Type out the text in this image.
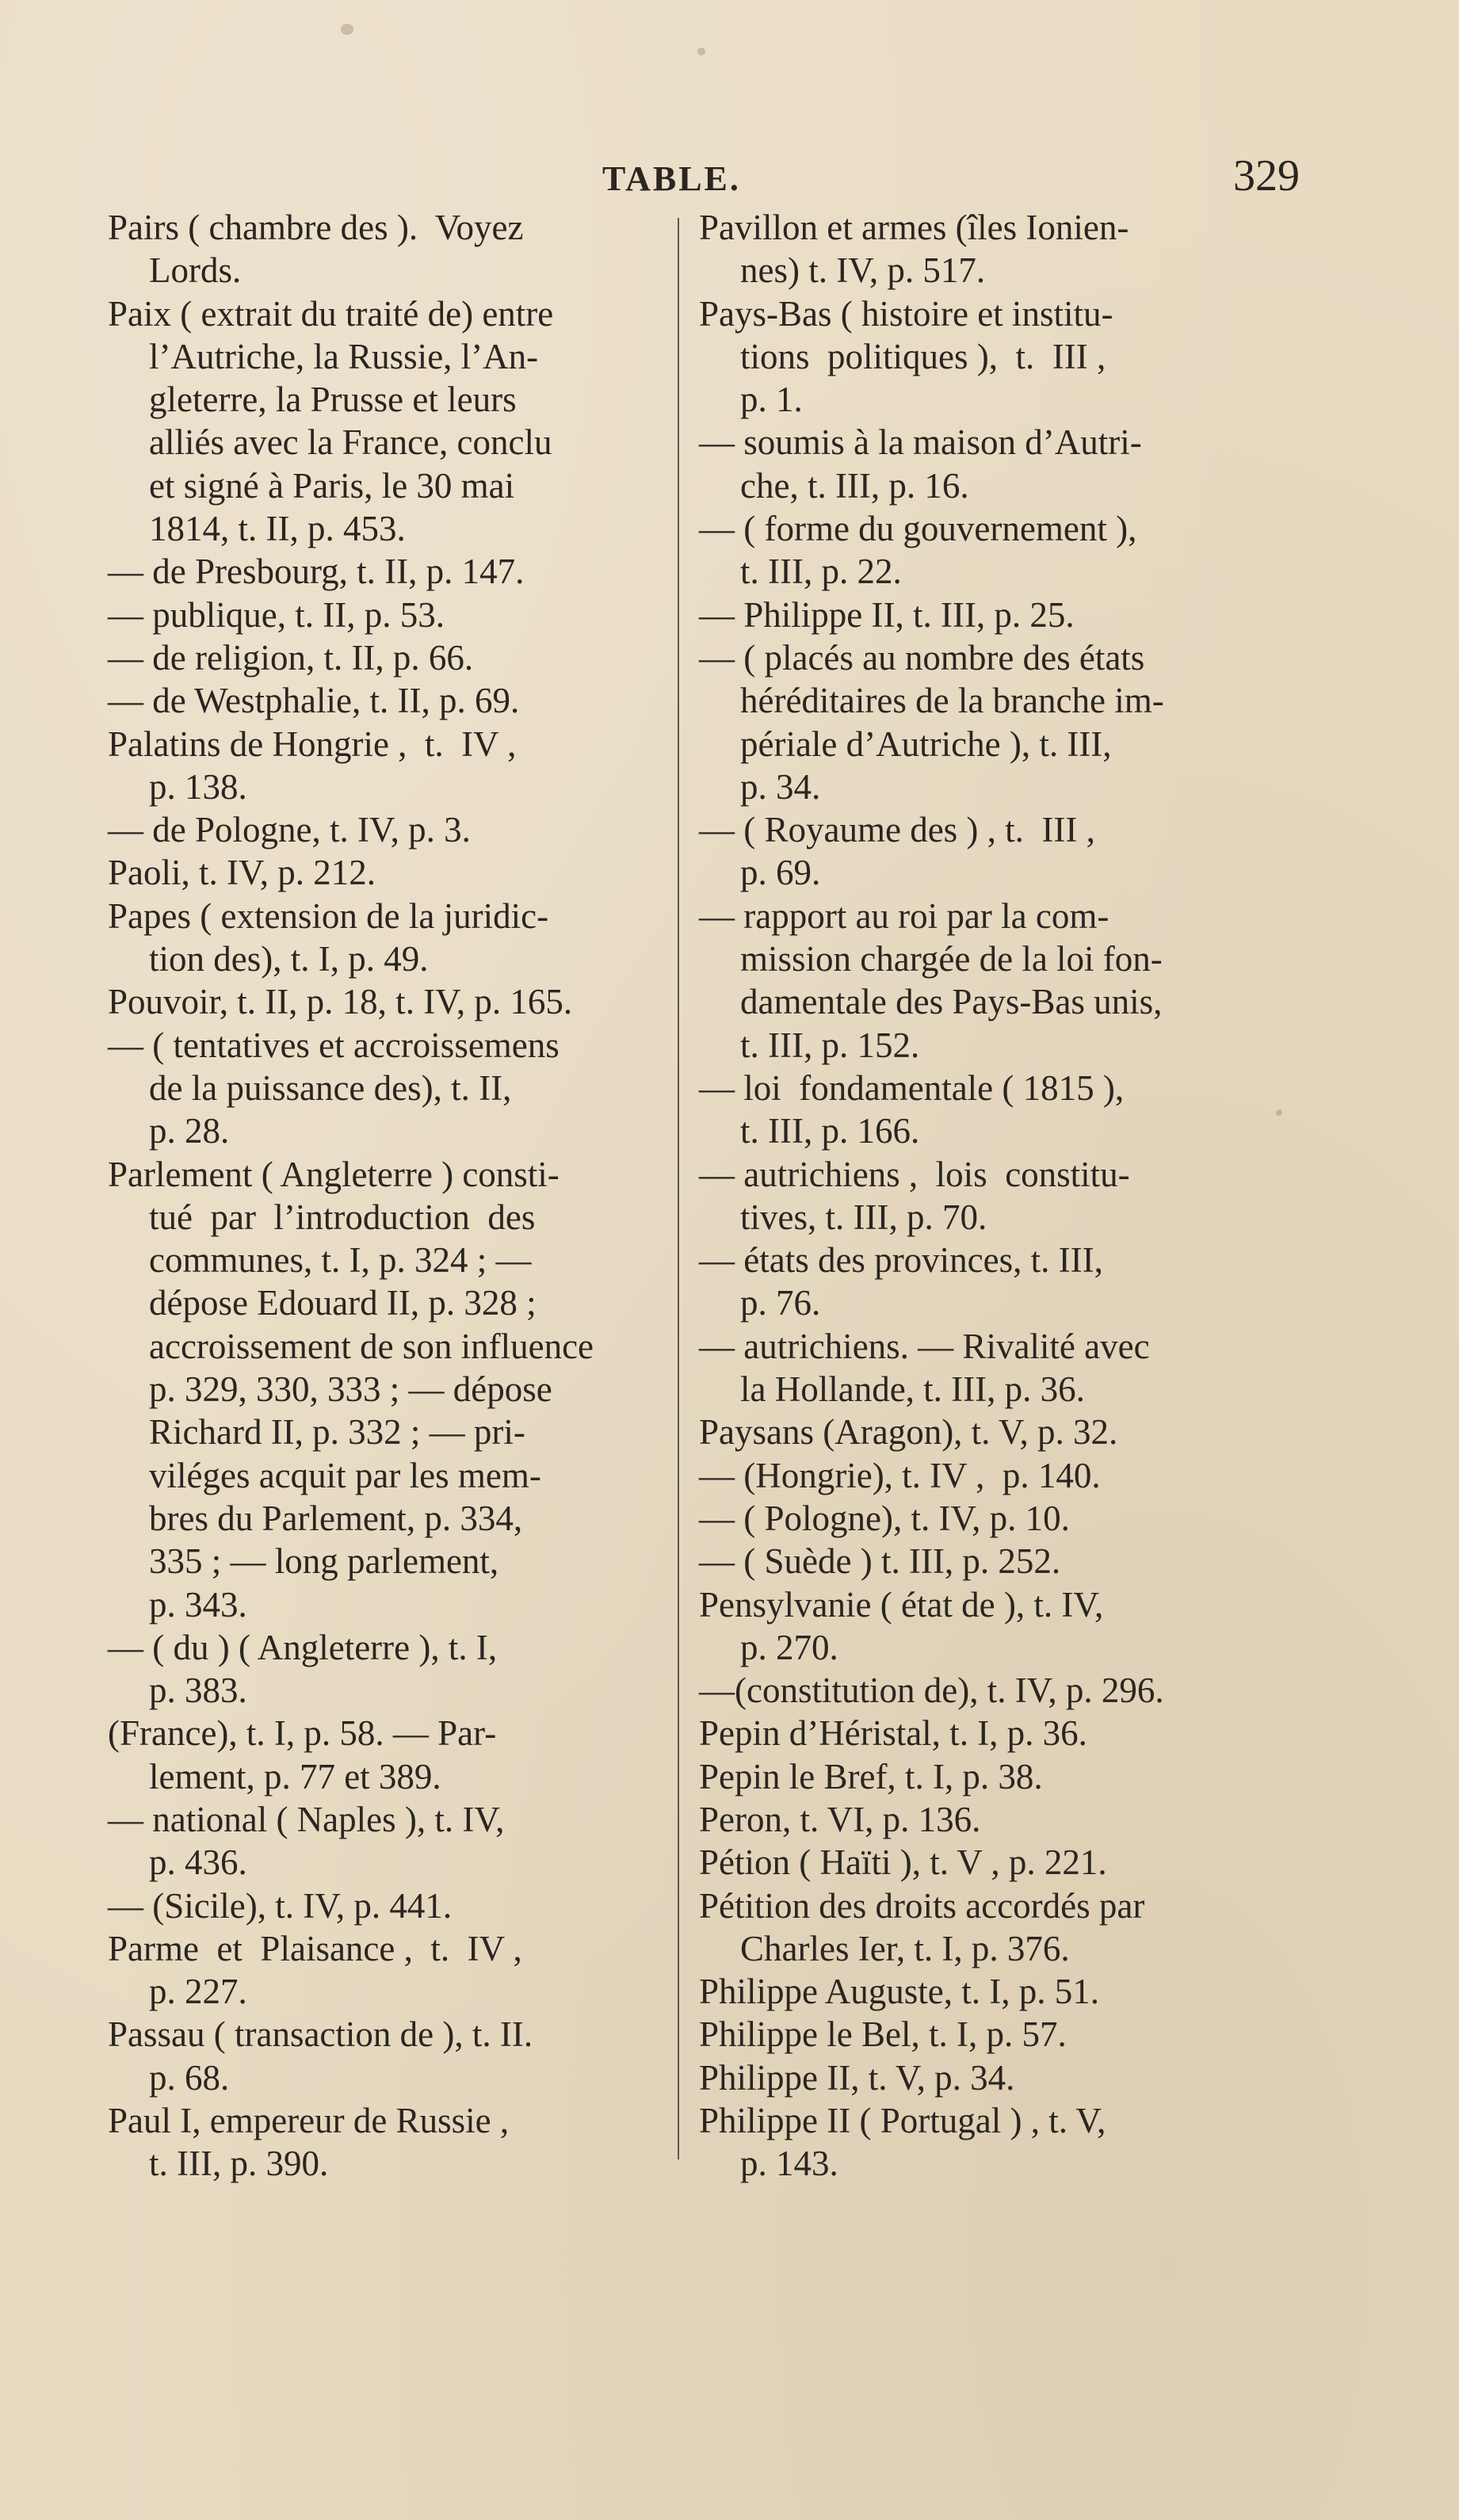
TABLE.	329
Pairs ( chambre des ).  Voyez
Lords.
Paix ( extrait du traité de) entre
l’Autriche, la Russie, l’An-
gleterre, la Prusse et leurs
alliés avec la France, conclu
et signé à Paris, le 30 mai
1814, t. II, p. 453.
— de Presbourg, t. II, p. 147.
— publique, t. II, p. 53.
— de religion, t. II, p. 66.
— de Westphalie, t. II, p. 69.
Palatins de Hongrie ,  t.  IV ,
p. 138.
— de Pologne, t. IV, p. 3.
Paoli, t. IV, p. 212.
Papes ( extension de la juridic-
tion des), t. I, p. 49.
Pouvoir, t. II, p. 18, t. IV, p. 165.
— ( tentatives et accroissemens
de la puissance des), t. II,
p. 28.
Parlement ( Angleterre ) consti-
tué  par  l’introduction  des
communes, t. I, p. 324 ; —
dépose Edouard II, p. 328 ;
accroissement de son influence
p. 329, 330, 333 ; — dépose
Richard II, p. 332 ; — pri-
viléges acquit par les mem-
bres du Parlement, p. 334,
335 ; — long parlement,
p. 343.
— ( du ) ( Angleterre ), t. I,
p. 383.
(France), t. I, p. 58. — Par-
lement, p. 77 et 389.
— national ( Naples ), t. IV,
p. 436.
— (Sicile), t. IV, p. 441.
Parme  et  Plaisance ,  t.  IV ,
p. 227.
Passau ( transaction de ), t. II.
p. 68.
Paul I, empereur de Russie ,
t. III, p. 390.
Pavillon et armes (îles Ionien-
nes) t. IV, p. 517.
Pays-Bas ( histoire et institu-
tions  politiques ),  t.  III ,
p. 1.
— soumis à la maison d’Autri-
che, t. III, p. 16.
— ( forme du gouvernement ),
t. III, p. 22.
— Philippe II, t. III, p. 25.
— ( placés au nombre des états
héréditaires de la branche im-
périale d’Autriche ), t. III,
p. 34.
— ( Royaume des ) , t.  III ,
p. 69.
— rapport au roi par la com-
mission chargée de la loi fon-
damentale des Pays-Bas unis,
t. III, p. 152.
— loi  fondamentale ( 1815 ),
t. III, p. 166.
— autrichiens ,  lois  constitu-
tives, t. III, p. 70.
— états des provinces, t. III,
p. 76.
— autrichiens. — Rivalité avec
la Hollande, t. III, p. 36.
Paysans (Aragon), t. V, p. 32.
— (Hongrie), t. IV ,  p. 140.
— ( Pologne), t. IV, p. 10.
— ( Suède ) t. III, p. 252.
Pensylvanie ( état de ), t. IV,
p. 270.
—(constitution de), t. IV, p. 296.
Pepin d’Héristal, t. I, p. 36.
Pepin le Bref, t. I, p. 38.
Peron, t. VI, p. 136.
Pétion ( Haïti ), t. V , p. 221.
Pétition des droits accordés par
Charles Ier, t. I, p. 376.
Philippe Auguste, t. I, p. 51.
Philippe le Bel, t. I, p. 57.
Philippe II, t. V, p. 34.
Philippe II ( Portugal ) , t. V,
p. 143.
